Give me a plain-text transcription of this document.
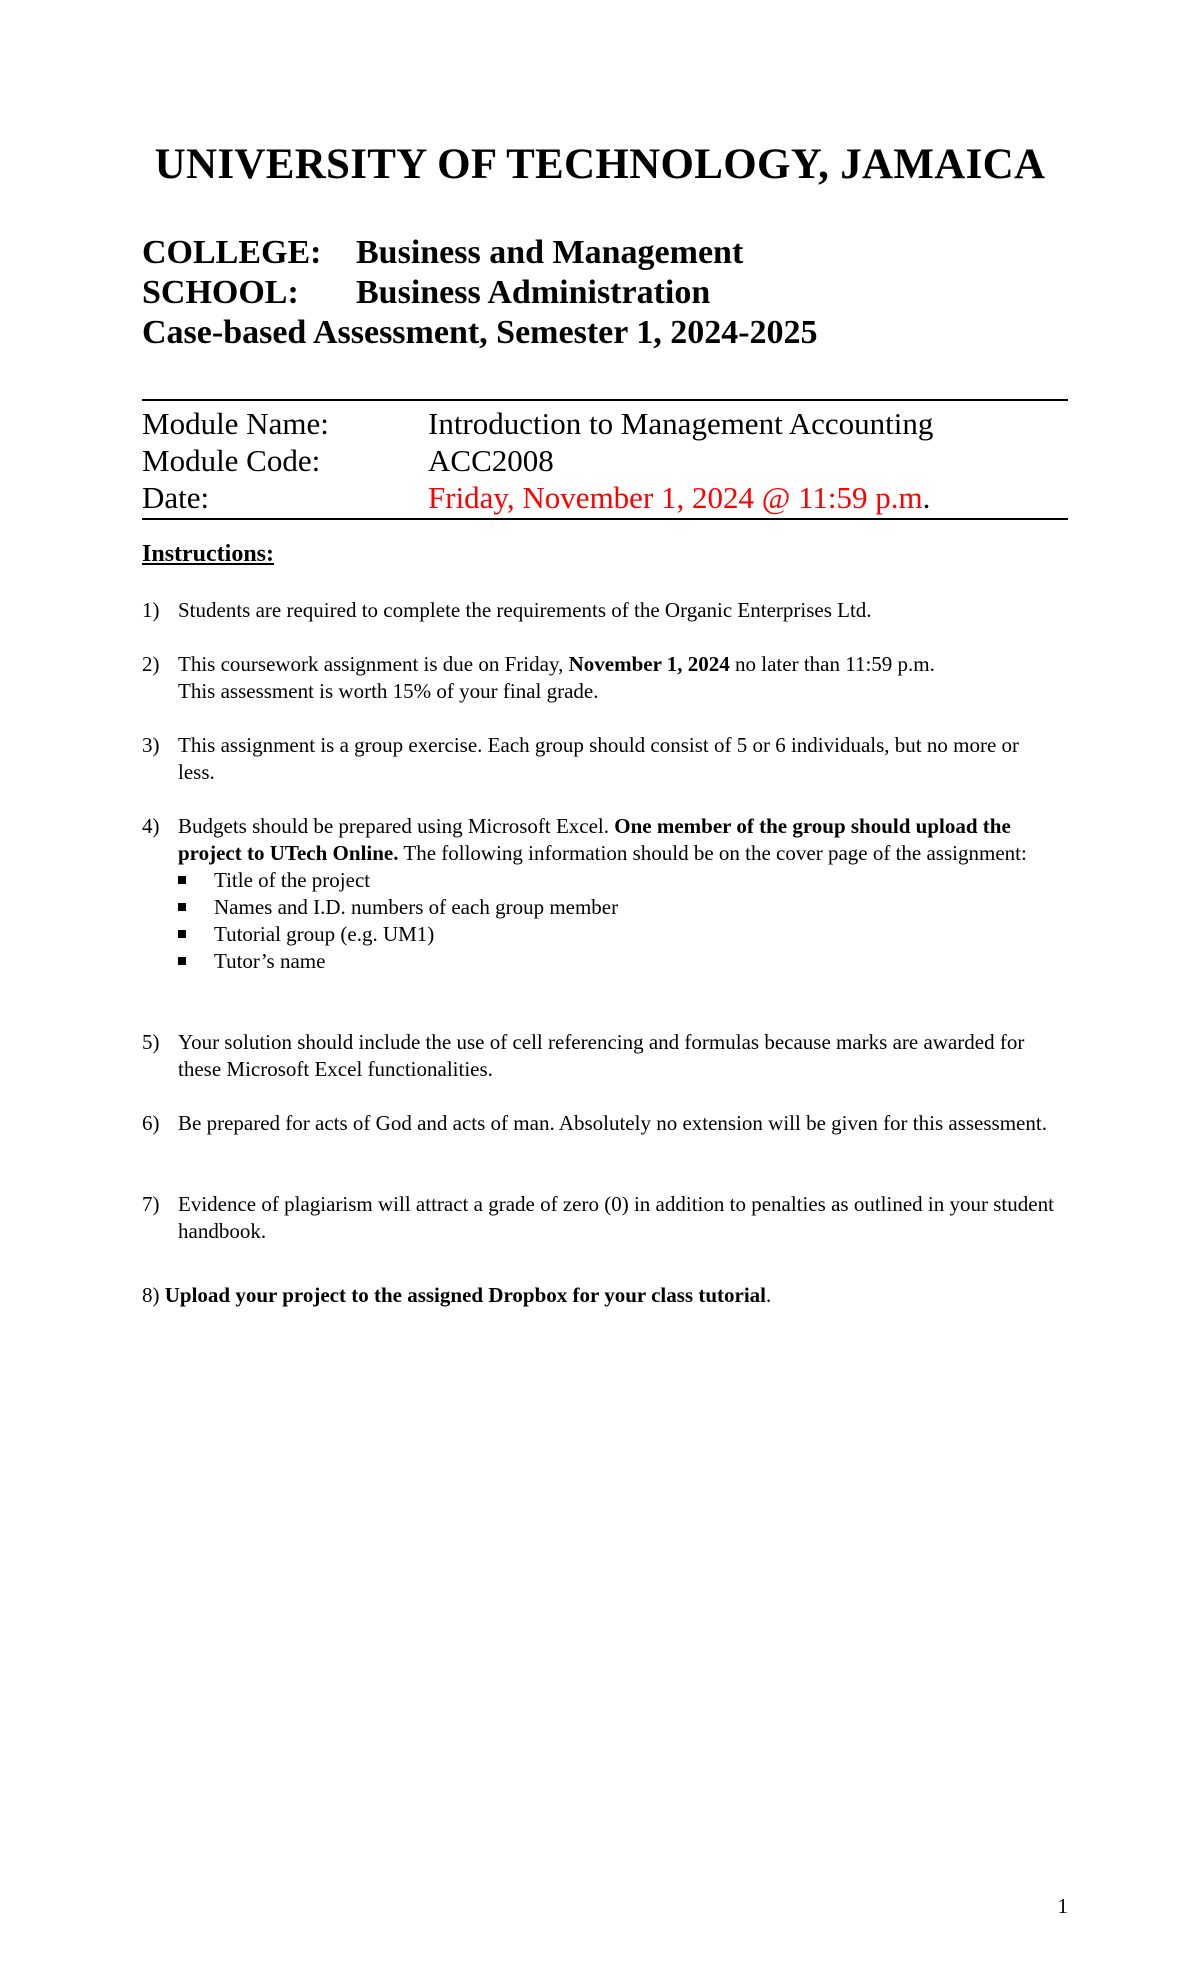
UNIVERSITY OF TECHNOLOGY, JAMAICA
COLLEGE: Business and Management
SCHOOL: Business Administration
Case-based Assessment, Semester 1, 2024-2025
Module Name:	Introduction to Management Accounting
Module Code:	ACC2008
Date:	Friday, November 1, 2024 @ 11:59 p.m.
Instructions:
1) Students are required to complete the requirements of the Organic Enterprises Ltd.
2) This coursework assignment is due on Friday, November 1, 2024 no later than 11:59 p.m.
This assessment is worth 15% of your final grade.
3) This assignment is a group exercise. Each group should consist of 5 or 6 individuals, but no more or less.
4) Budgets should be prepared using Microsoft Excel. One member of the group should upload the project to UTech Online. The following information should be on the cover page of the assignment:
Title of the project
Names and I.D. numbers of each group member
Tutorial group (e.g. UM1)
Tutor’s name
5) Your solution should include the use of cell referencing and formulas because marks are awarded for these Microsoft Excel functionalities.
6) Be prepared for acts of God and acts of man. Absolutely no extension will be given for this assessment.
7) Evidence of plagiarism will attract a grade of zero (0) in addition to penalties as outlined in your student handbook.
8) Upload your project to the assigned Dropbox for your class tutorial.
1
